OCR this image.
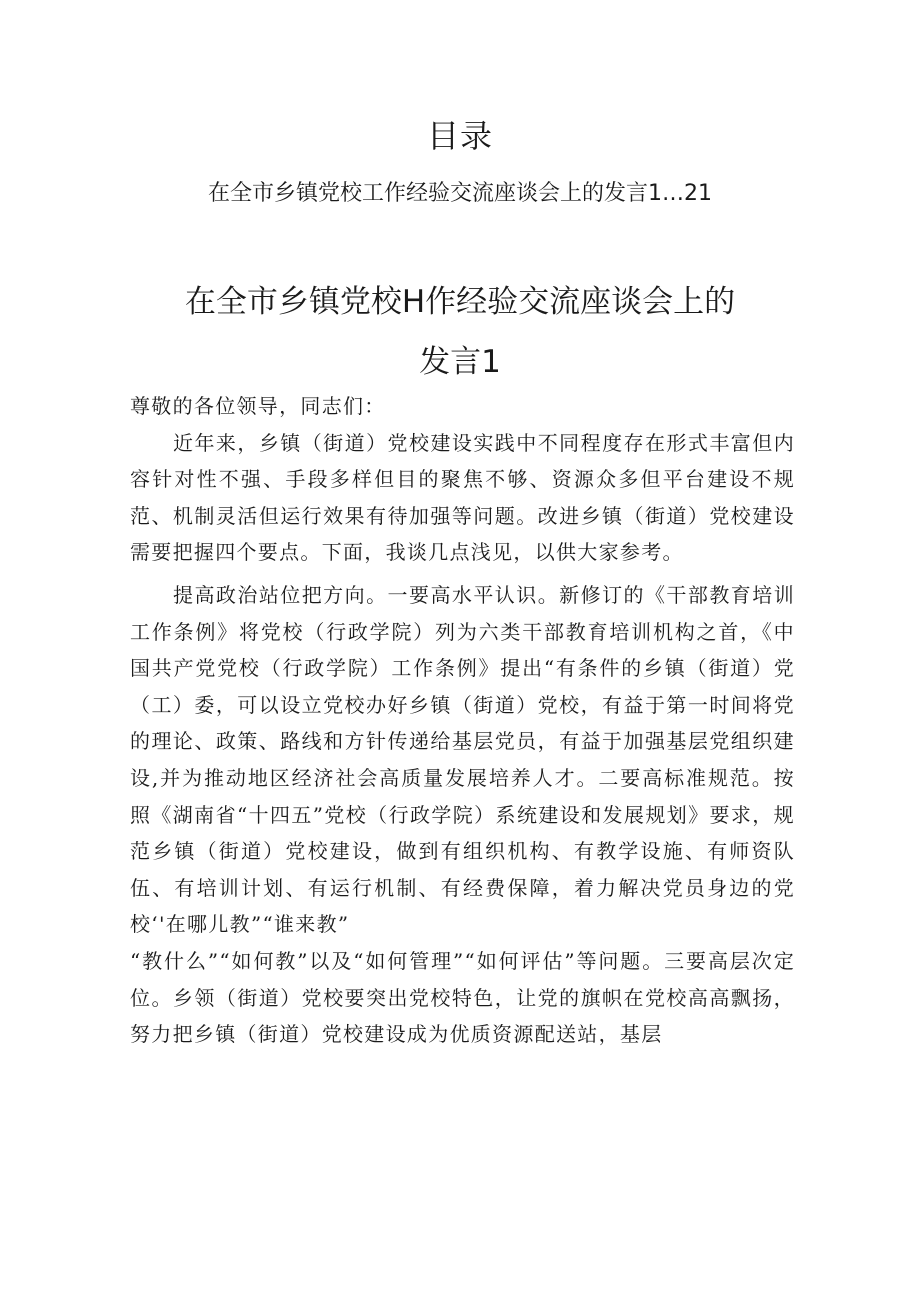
目录
在全市乡镇党校工作经验交流座谈会上的发言1…21
在全市乡镇党校H作经验交流座谈会上的
发言1

尊敬的各位领导，同志们：

近年来，乡镇（街道）党校建设实践中不同程度存在形式丰富但内容针对性不强、手段多样但目的聚焦不够、资源众多但平台建设不规范、机制灵活但运行效果有待加强等问题。改进乡镇（街道）党校建设需要把握四个要点。下面，我谈几点浅见，以供大家参考。

提高政治站位把方向。一要高水平认识。新修订的《干部教育培训工作条例》将党校（行政学院）列为六类干部教育培训机构之首，《中国共产党党校（行政学院）工作条例》提出“有条件的乡镇（街道）党（工）委，可以设立党校办好乡镇（街道）党校，有益于第一时间将党的理论、政策、路线和方针传递给基层党员，有益于加强基层党组织建设,并为推动地区经济社会高质量发展培养人才。二要高标准规范。按照《湖南省“十四五”党校（行政学院）系统建设和发展规划》要求，规范乡镇（街道）党校建设，做到有组织机构、有教学设施、有师资队伍、有培训计划、有运行机制、有经费保障，着力解决党员身边的党校‘'在哪儿教”“谁来教”

“教什么”“如何教”以及“如何管理”“如何评估”等问题。三要高层次定位。乡领（街道）党校要突出党校特色，让党的旗帜在党校高高飘扬，努力把乡镇（街道）党校建设成为优质资源配送站，基层
